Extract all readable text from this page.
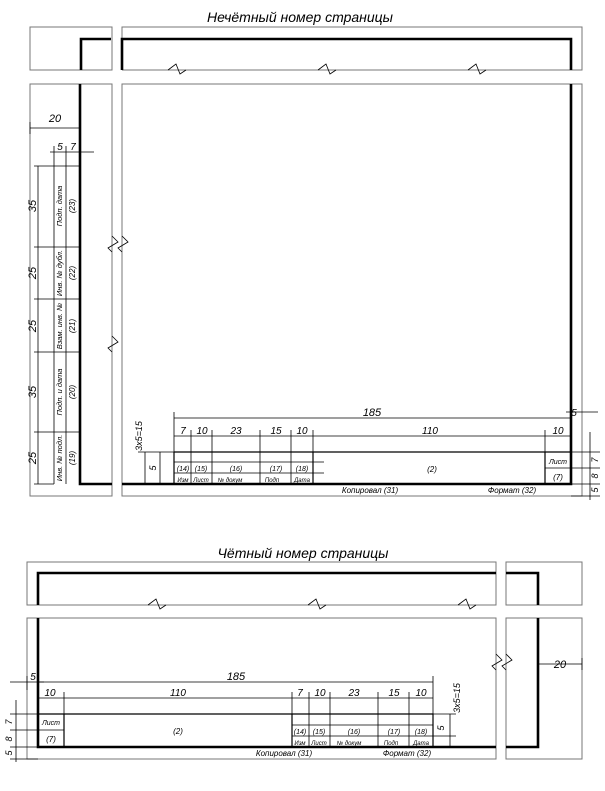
Нечётный номер страницы
Чётный номер страницы
Подп. дата (23)
Инв. № дубл. (22)
Взам. инв. № (21)
Подп. и дата (20)
Инв. № подл. (19)
20
5 7
35
25
25
35
25
(14) (15)	(16)	(17) (18)
Изм Лист № докум	Подп Дата
(2)
Лист
(7)
Копировал (31)	Формат (32)
185
7 10 23	15 10	110	10
5
7
8
5
3x5=15
5
20
Лист
(7)
(2)	(14) (15)	(16)	(17) (18)
Изм Лист № докум	Подп Дата
Копировал (31)	Формат (32)
5	185
10	110	7 10 23	15 10
7
8
5
3x5=15
5
